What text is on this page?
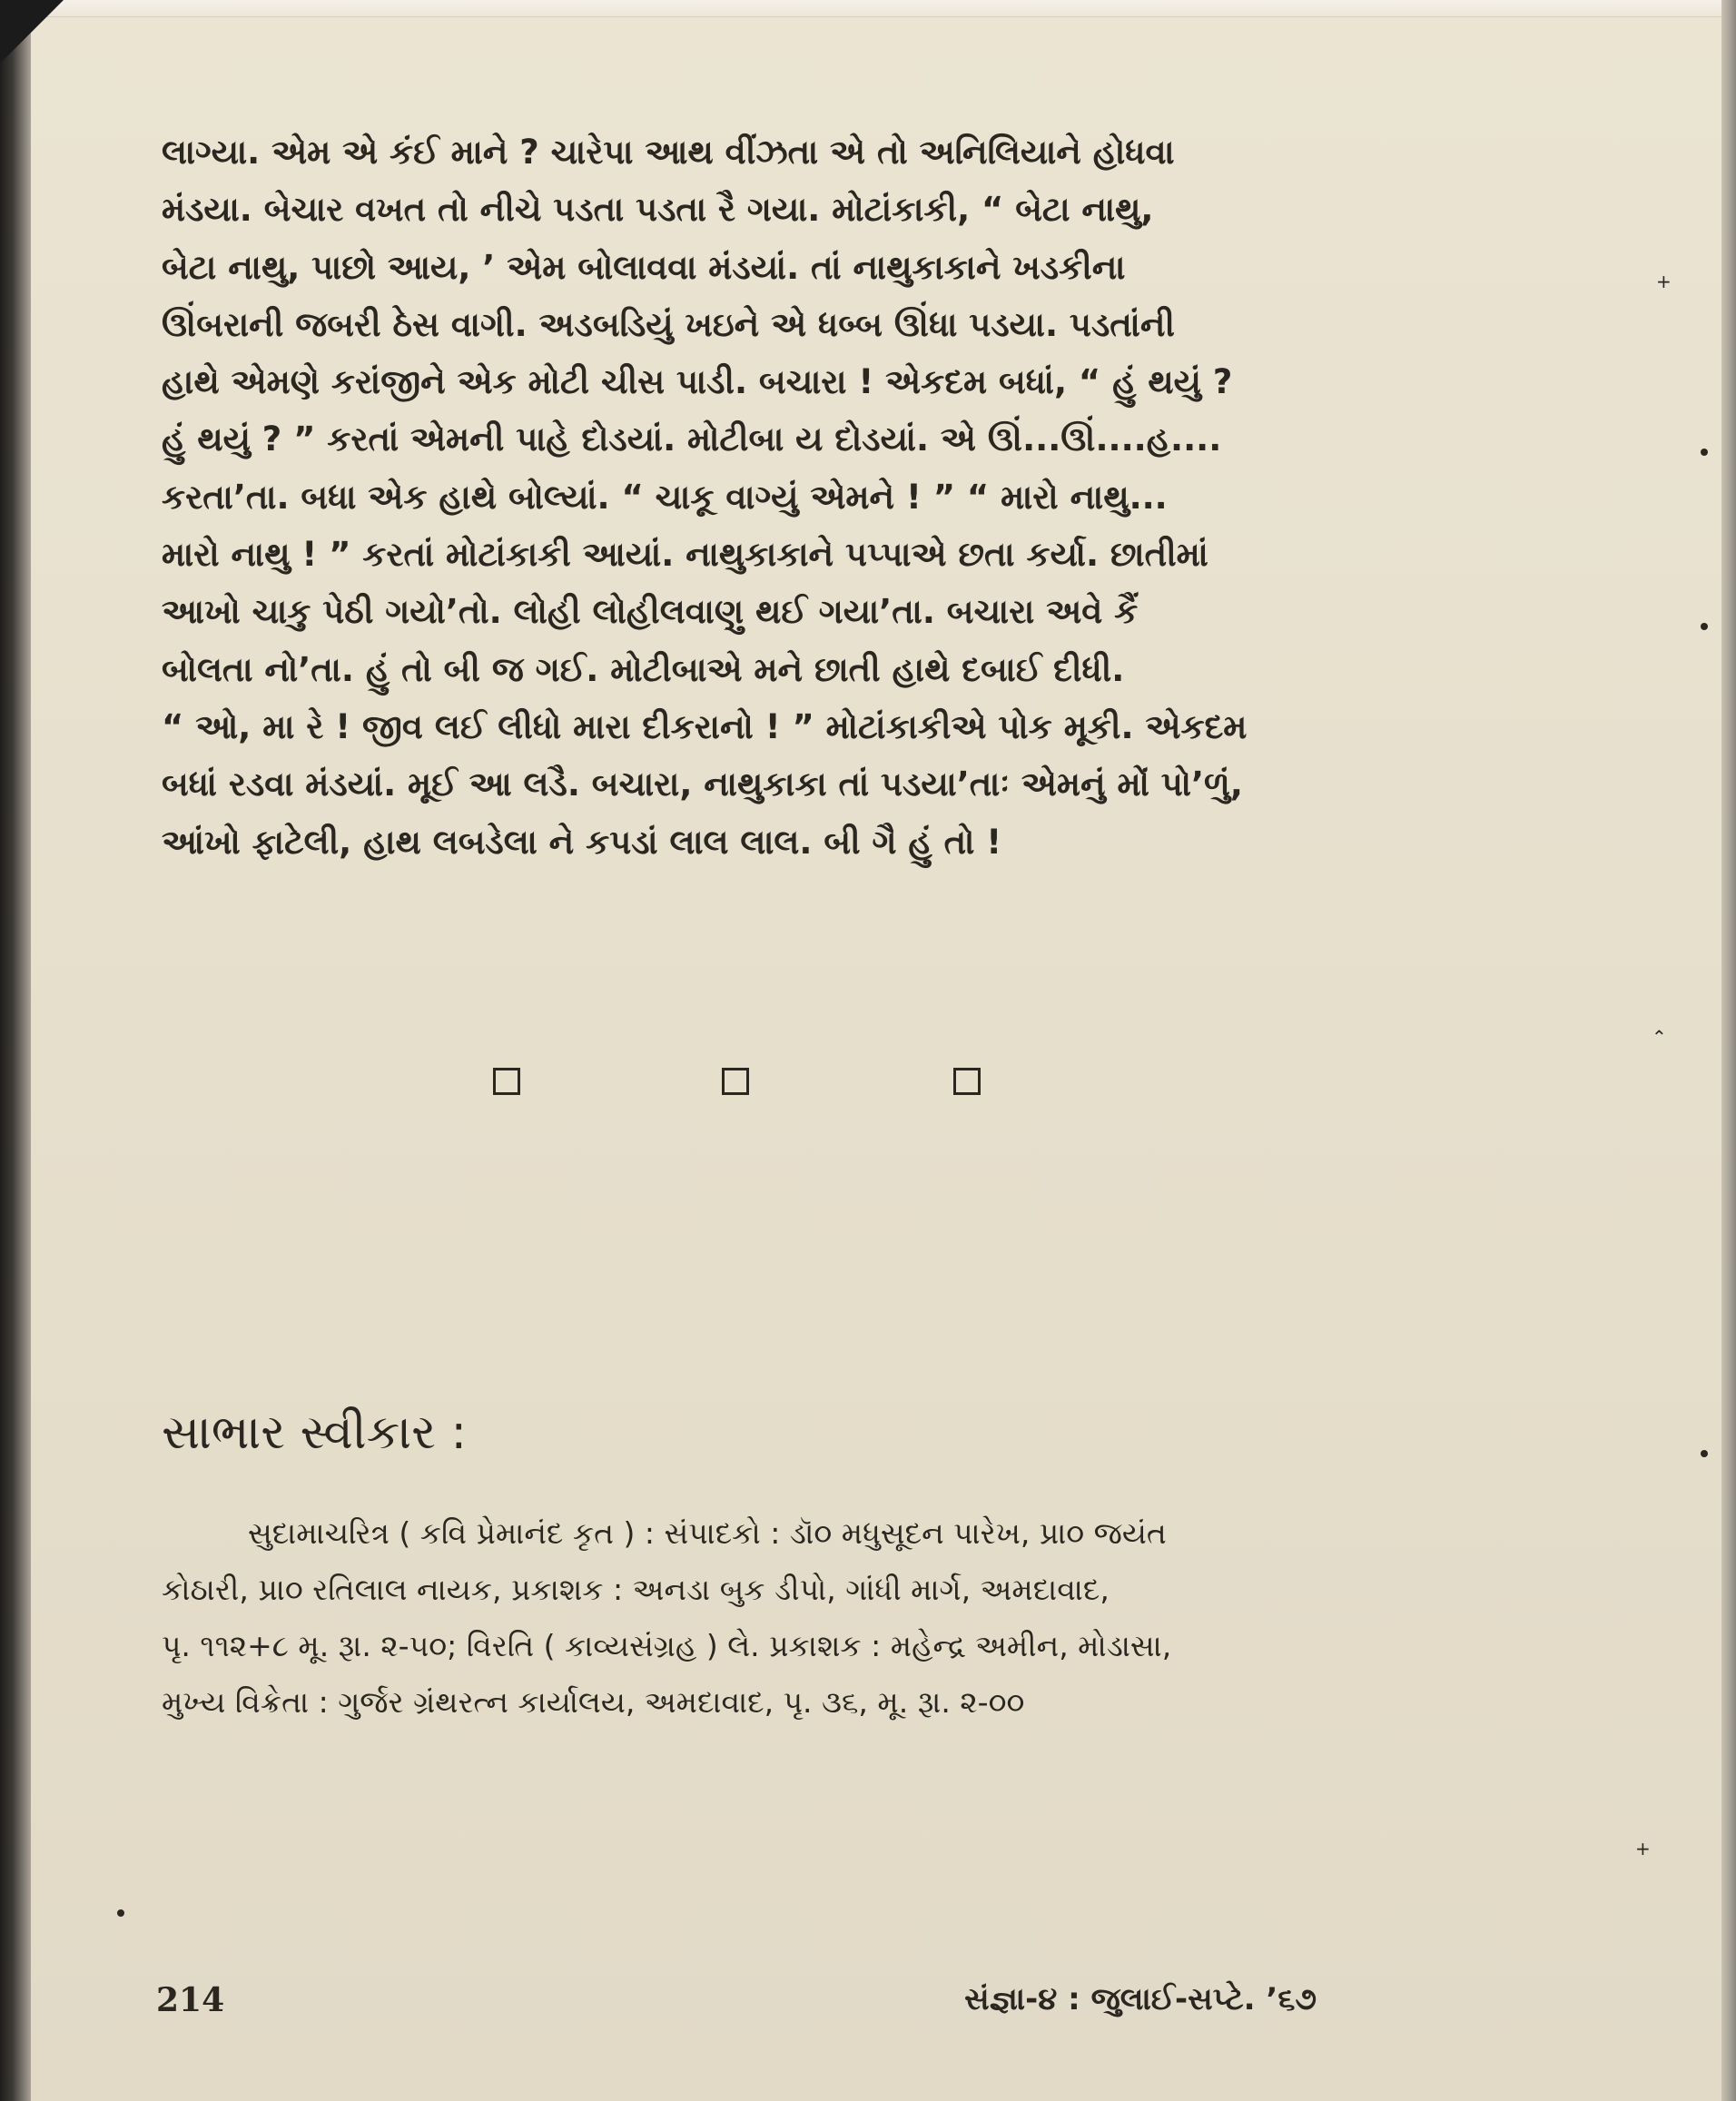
લાગ્યા. એમ એ કંઈ માને ? ચારેપા આથ વીંઝતા એ તો અનિલિયાને હોધવા
મંડયા. બેચાર વખત તો નીચે પડતા પડતા રૈ ગયા. મોટાંકાકી, “ બેટા નાથુ,
બેટા નાથુ, પાછો આય, ’ એમ બોલાવવા મંડયાં. તાં નાથુકાકાને ખડકીના
ઊંબરાની જબરી ઠેસ વાગી. અડબડિયું ખઇને એ ધબ્બ ઊંધા પડયા. પડતાંની
હાથે એમણે કરાંજીને એક મોટી ચીસ પાડી. બચારા ! એકદમ બધાં, “ હું થયું ?
હું થયું ? ” કરતાં એમની પાહે દોડયાં. મોટીબા ય દોડયાં. એ ઊં...ઊં....હ....
કરતા’તા. બધા એક હાથે બોલ્યાં. “ ચાકૂ વાગ્યું એમને ! ” “ મારો નાથુ...
મારો નાથુ ! ” કરતાં મોટાંકાકી આયાં. નાથુકાકાને પપ્પાએ છતા કર્યા. છાતીમાં
આખો ચાકુ પેઠી ગયો’તો. લોહી લોહીલવાણુ થઈ ગયા’તા. બચારા અવે કૈં
બોલતા નો’તા. હું તો બી જ ગઈ. મોટીબાએ મને છાતી હાથે દબાઈ દીધી.
“ ઓ, મા રે ! જીવ લઈ લીધો મારા દીકરાનો ! ” મોટાંકાકીએ પોક મૂકી. એકદમ
બધાં રડવા મંડયાં. મૂઈ આ લડૈ. બચારા, નાથુકાકા તાં પડયા’તાઃ એમનું મોં પો’ળું,
આંખો ફાટેલી, હાથ લબડેલા ને કપડાં લાલ લાલ. બી ગૈ હું તો !
સાભાર સ્વીકાર :
સુદામાચરિત્ર ( કવિ પ્રેમાનંદ કૃત ) : સંપાદકો : ડૉ૦ મધુસૂદન પારેખ, પ્રા૦ જયંત
કોઠારી, પ્રા૦ રતિલાલ નાયક, પ્રકાશક : અનડા બુક ડીપો, ગાંધી માર્ગ, અમદાવાદ,
પૃ. ૧૧૨+૮ મૂ. રૂા. ૨-૫૦; વિરતિ ( કાવ્યસંગ્રહ ) લે. પ્રકાશક : મહેન્દ્ર અમીન, મોડાસા,
મુખ્ય વિક્રેતા : ગુર્જર ગ્રંથરત્ન કાર્યાલય, અમદાવાદ, પૃ. ૩૬, મૂ. રૂા. ૨-૦૦
214	સંજ્ઞા-૪ : જુલાઈ-સપ્ટે. ’૬૭
+
⌃
+
